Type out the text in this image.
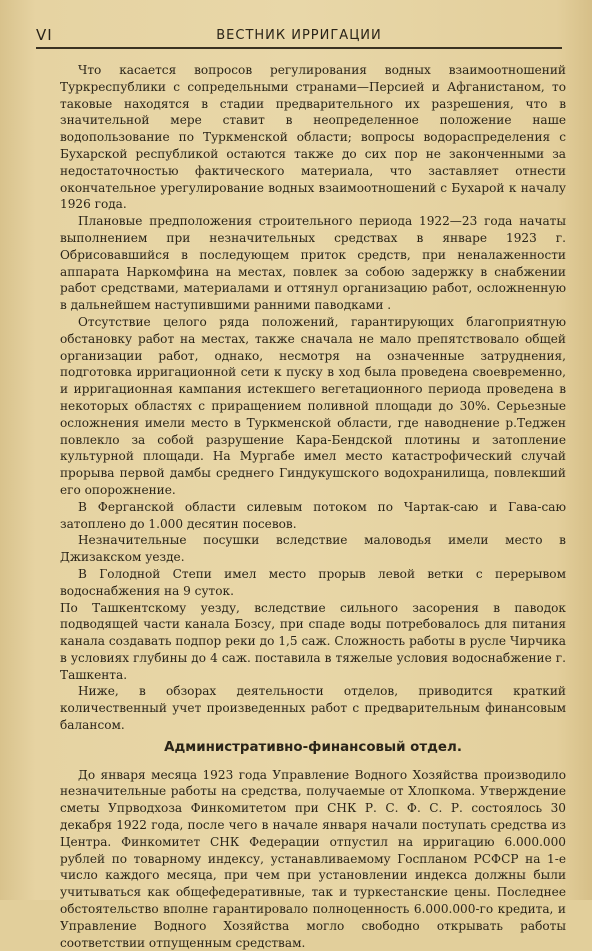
VI	ВЕСТНИК ИРРИГАЦИИ

Что касается вопросов регулирования водных взаимоотношений Туркреспублики с сопредельными странами—Персией и Афганистаном, то таковые находятся в стадии предварительного их разрешения, что в значительной мере ставит в неопределенное положение наше водопользование по Туркменской области; вопросы водораспределения с Бухарской республикой остаются также до сих пор не законченными за недостаточностью фактического материала, что заставляет отнести окончательное урегулирование водных взаимоотношений с Бухарой к началу 1926 года.

Плановые предположения строительного периода 1922—23 года начаты выполнением при незначительных средствах в январе 1923 г. Обрисовавшийся в последующем приток средств, при неналаженности аппарата Наркомфина на местах, повлек за собою задержку в снабжении работ средствами, материалами и оттянул организацию работ, осложненную в дальнейшем наступившими ранними паводками .

Отсутствие целого ряда положений, гарантирующих благоприятную обстановку работ на местах, также сначала не мало препятствовало общей организации работ, однако, несмотря на означенные затруднения, подготовка ирригационной сети к пуску в ход была проведена своевременно, и ирригационная кампания истекшего вегетационного периода проведена в некоторых областях с приращением поливной площади до 30%. Серьезные осложнения имели место в Туркменской области, где наводнение р.Теджен повлекло за собой разрушение Кара-Бендской плотины и затопление культурной площади. На Мургабе имел место катастрофический случай прорыва первой дамбы среднего Гиндукушского водохранилища, повлекший его опорожнение.

В Ферганской области силевым потоком по Чартак-саю и Гава-саю затоплено до 1.000 десятин посевов.

Незначительные посушки вследствие маловодья имели место в Джизакском уезде.

В Голодной Степи имел место прорыв левой ветки с перерывом водоснабжения на 9 суток.

По Ташкентскому уезду, вследствие сильного засорения в паводок подводящей части канала Бозсу, при спаде воды потребовалось для питания канала создавать подпор реки до 1,5 саж. Сложность работы в русле Чирчика в условиях глубины до 4 саж. поставила в тяжелые условия водоснабжение г. Ташкента.

Ниже, в обзорах деятельности отделов, приводится краткий количественный учет произведенных работ с предварительным финансовым балансом.

Административно-финансовый отдел.

До января месяца 1923 года Управление Водного Хозяйства производило незначительные работы на средства, получаемые от Хлопкома. Утверждение сметы Упрводхоза Финкомитетом при СНК Р. С. Ф. С. Р. состоялось 30 декабря 1922 года, после чего в начале января начали поступать средства из Центра. Финкомитет СНК Федерации отпустил на ирригацию 6.000.000 рублей по товарному индексу, устанавливаемому Госпланом РСФСР на 1-е число каждого месяца, при чем при установлении индекса должны были учитываться как общефедеративные, так и туркестанские цены. Последнее обстоятельство вполне гарантировало полноценность 6.000.000-го кредита, и Управление Водного Хозяйства могло свободно открывать работы соответствии отпущенным средствам.
